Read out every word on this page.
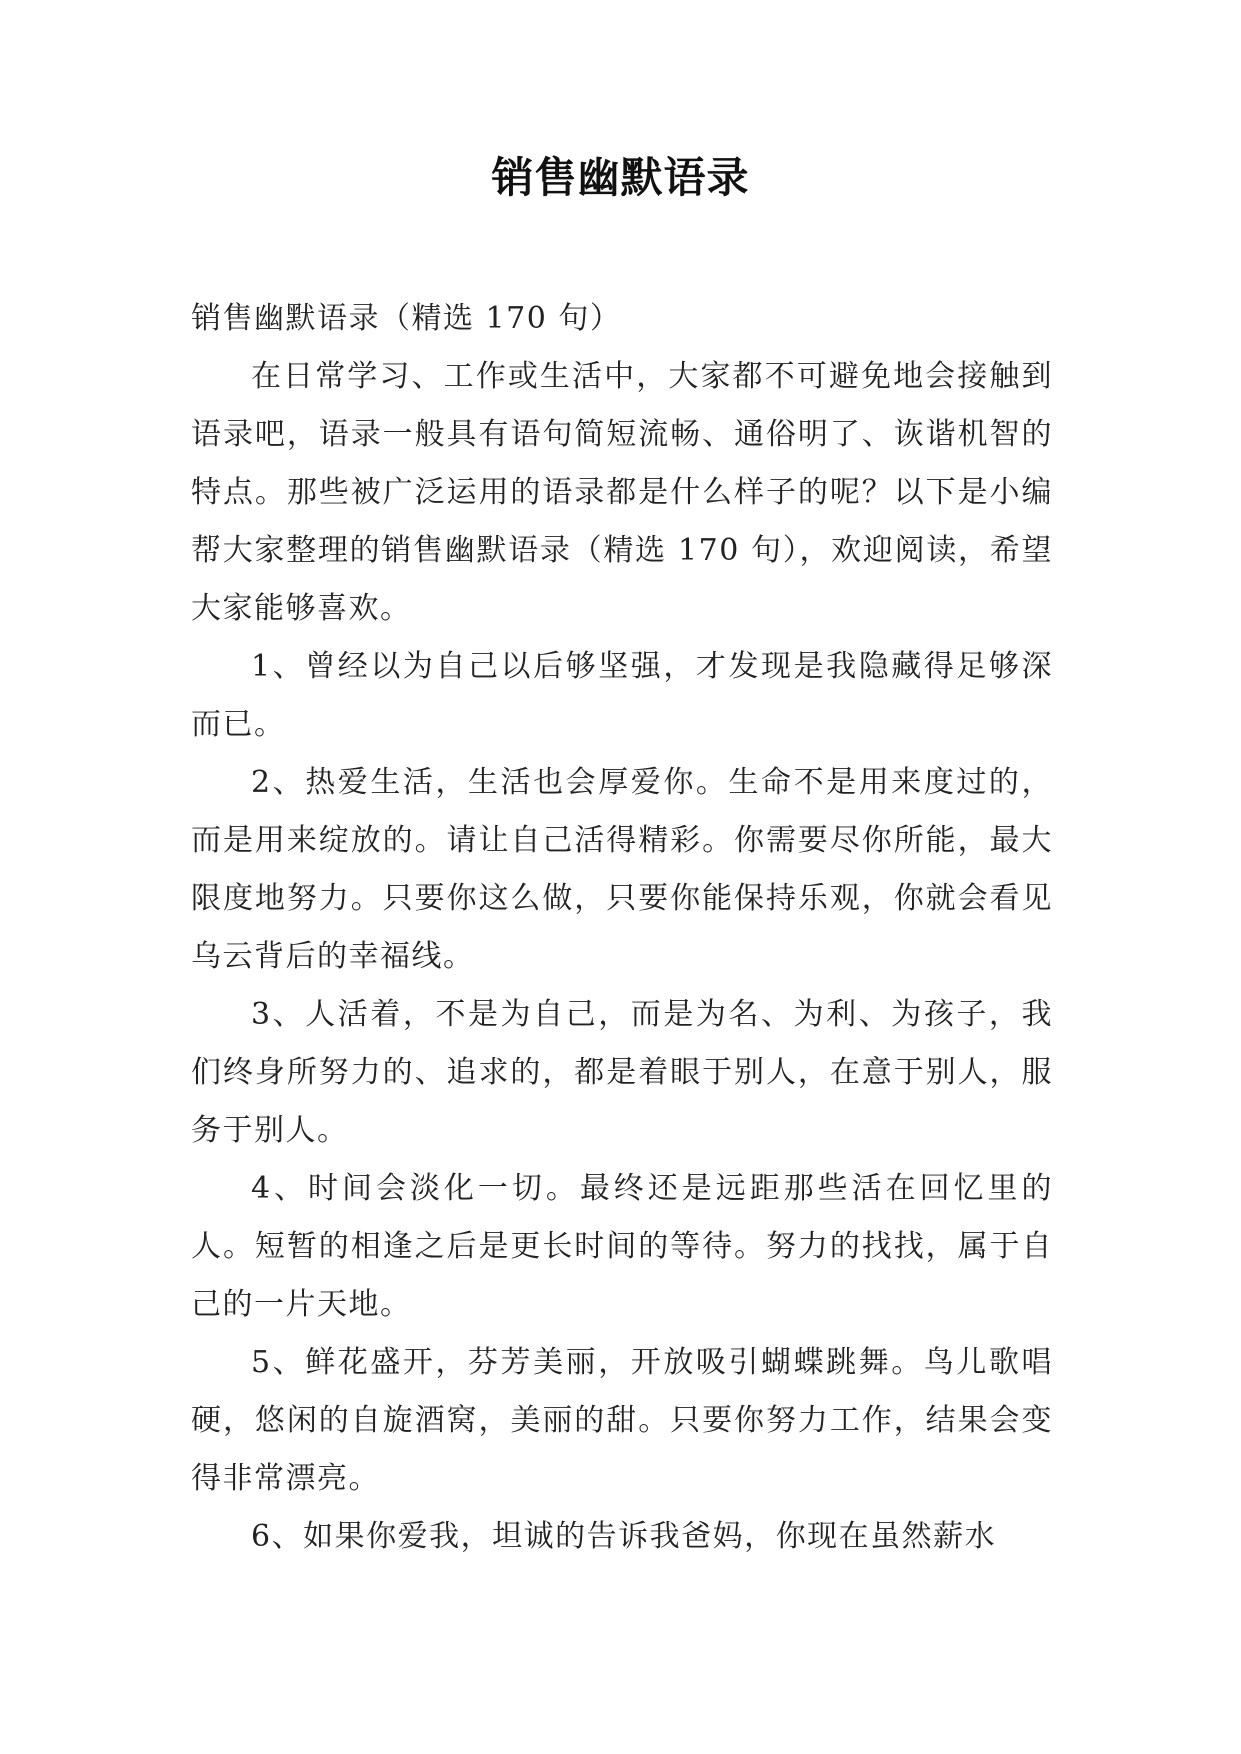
销售幽默语录

销售幽默语录（精选 170 句）

在日常学习、工作或生活中，大家都不可避免地会接触到语录吧，语录一般具有语句简短流畅、通俗明了、诙谐机智的特点。那些被广泛运用的语录都是什么样子的呢？以下是小编帮大家整理的销售幽默语录（精选 170 句），欢迎阅读，希望大家能够喜欢。

1、曾经以为自己以后够坚强，才发现是我隐藏得足够深而已。

2、热爱生活，生活也会厚爱你。生命不是用来度过的，而是用来绽放的。请让自己活得精彩。你需要尽你所能，最大限度地努力。只要你这么做，只要你能保持乐观，你就会看见乌云背后的幸福线。

3、人活着，不是为自己，而是为名、为利、为孩子，我们终身所努力的、追求的，都是着眼于别人，在意于别人，服务于别人。

4、时间会淡化一切。最终还是远距那些活在回忆里的人。短暂的相逢之后是更长时间的等待。努力的找找，属于自己的一片天地。

5、鲜花盛开，芬芳美丽，开放吸引蝴蝶跳舞。鸟儿歌唱硬，悠闲的自旋酒窝，美丽的甜。只要你努力工作，结果会变得非常漂亮。

6、如果你爱我，坦诚的告诉我爸妈，你现在虽然薪水
